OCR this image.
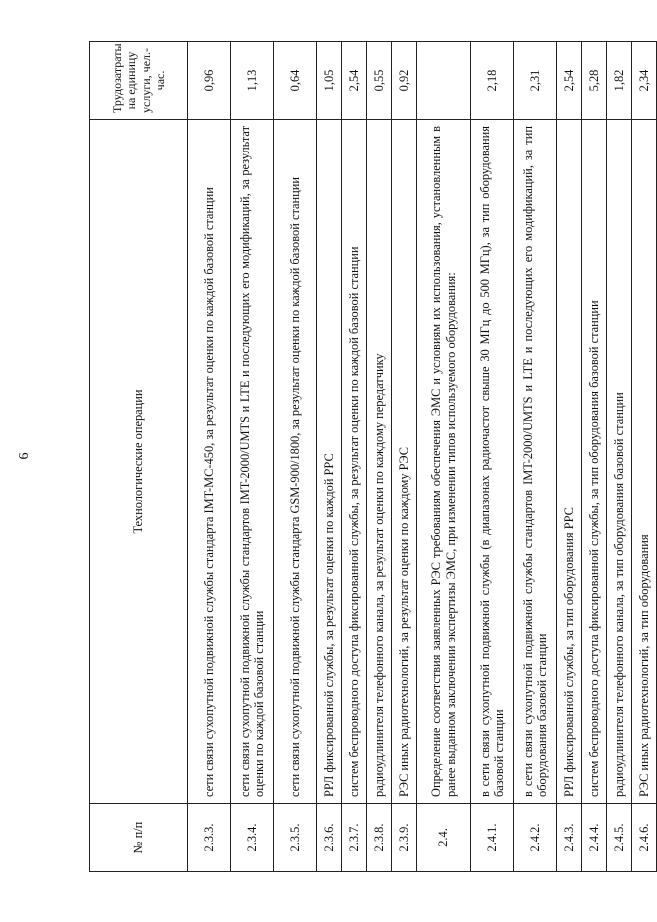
6
№ п/п	Технологические операции	Трудозатраты на единицу услуги, чел.-час.
2.3.3.	сети связи сухопутной подвижной службы стандарта IMT-MC-450, за результат оценки по каждой базовой станции	0,96
2.3.4.	сети связи сухопутной подвижной службы стандартов IMT-2000/UMTS и LTE и последующих его модификаций, за результат оценки по каждой базовой станции	1,13
2.3.5.	сети связи сухопутной подвижной службы стандарта GSM-900/1800, за результат оценки по каждой базовой станции	0,64
2.3.6.	РРЛ фиксированной службы, за результат оценки по каждой РРС	1,05
2.3.7.	систем беспроводного доступа фиксированной службы, за результат оценки по каждой базовой станции	2,54
2.3.8.	радиоудлинителя телефонного канала, за результат оценки по каждому передатчику	0,55
2.3.9.	РЭС иных радиотехнологий, за результат оценки по каждому РЭС	0,92
2.4.	Определение соответствия заявленных РЭС требованиям обеспечения ЭМС и условиям их использования, установленным в ранее выданном заключении экспертизы ЭМС, при изменении типов используемого оборудования:	
2.4.1.	в сети связи сухопутной подвижной службы (в диапазонах радиочастот свыше 30 МГц до 500 МГц), за тип оборудования базовой станции	2,18
2.4.2.	в сети связи сухопутной подвижной службы стандартов IMT-2000/UMTS и LTE и последующих его модификаций, за тип оборудования базовой станции	2,31
2.4.3.	РРЛ фиксированной службы, за тип оборудования РРС	2,54
2.4.4.	систем беспроводного доступа фиксированной службы, за тип оборудования базовой станции	5,28
2.4.5.	радиоудлинителя телефонного канала, за тип оборудования базовой станции	1,82
2.4.6.	РЭС иных радиотехнологий, за тип оборудования	2,34
